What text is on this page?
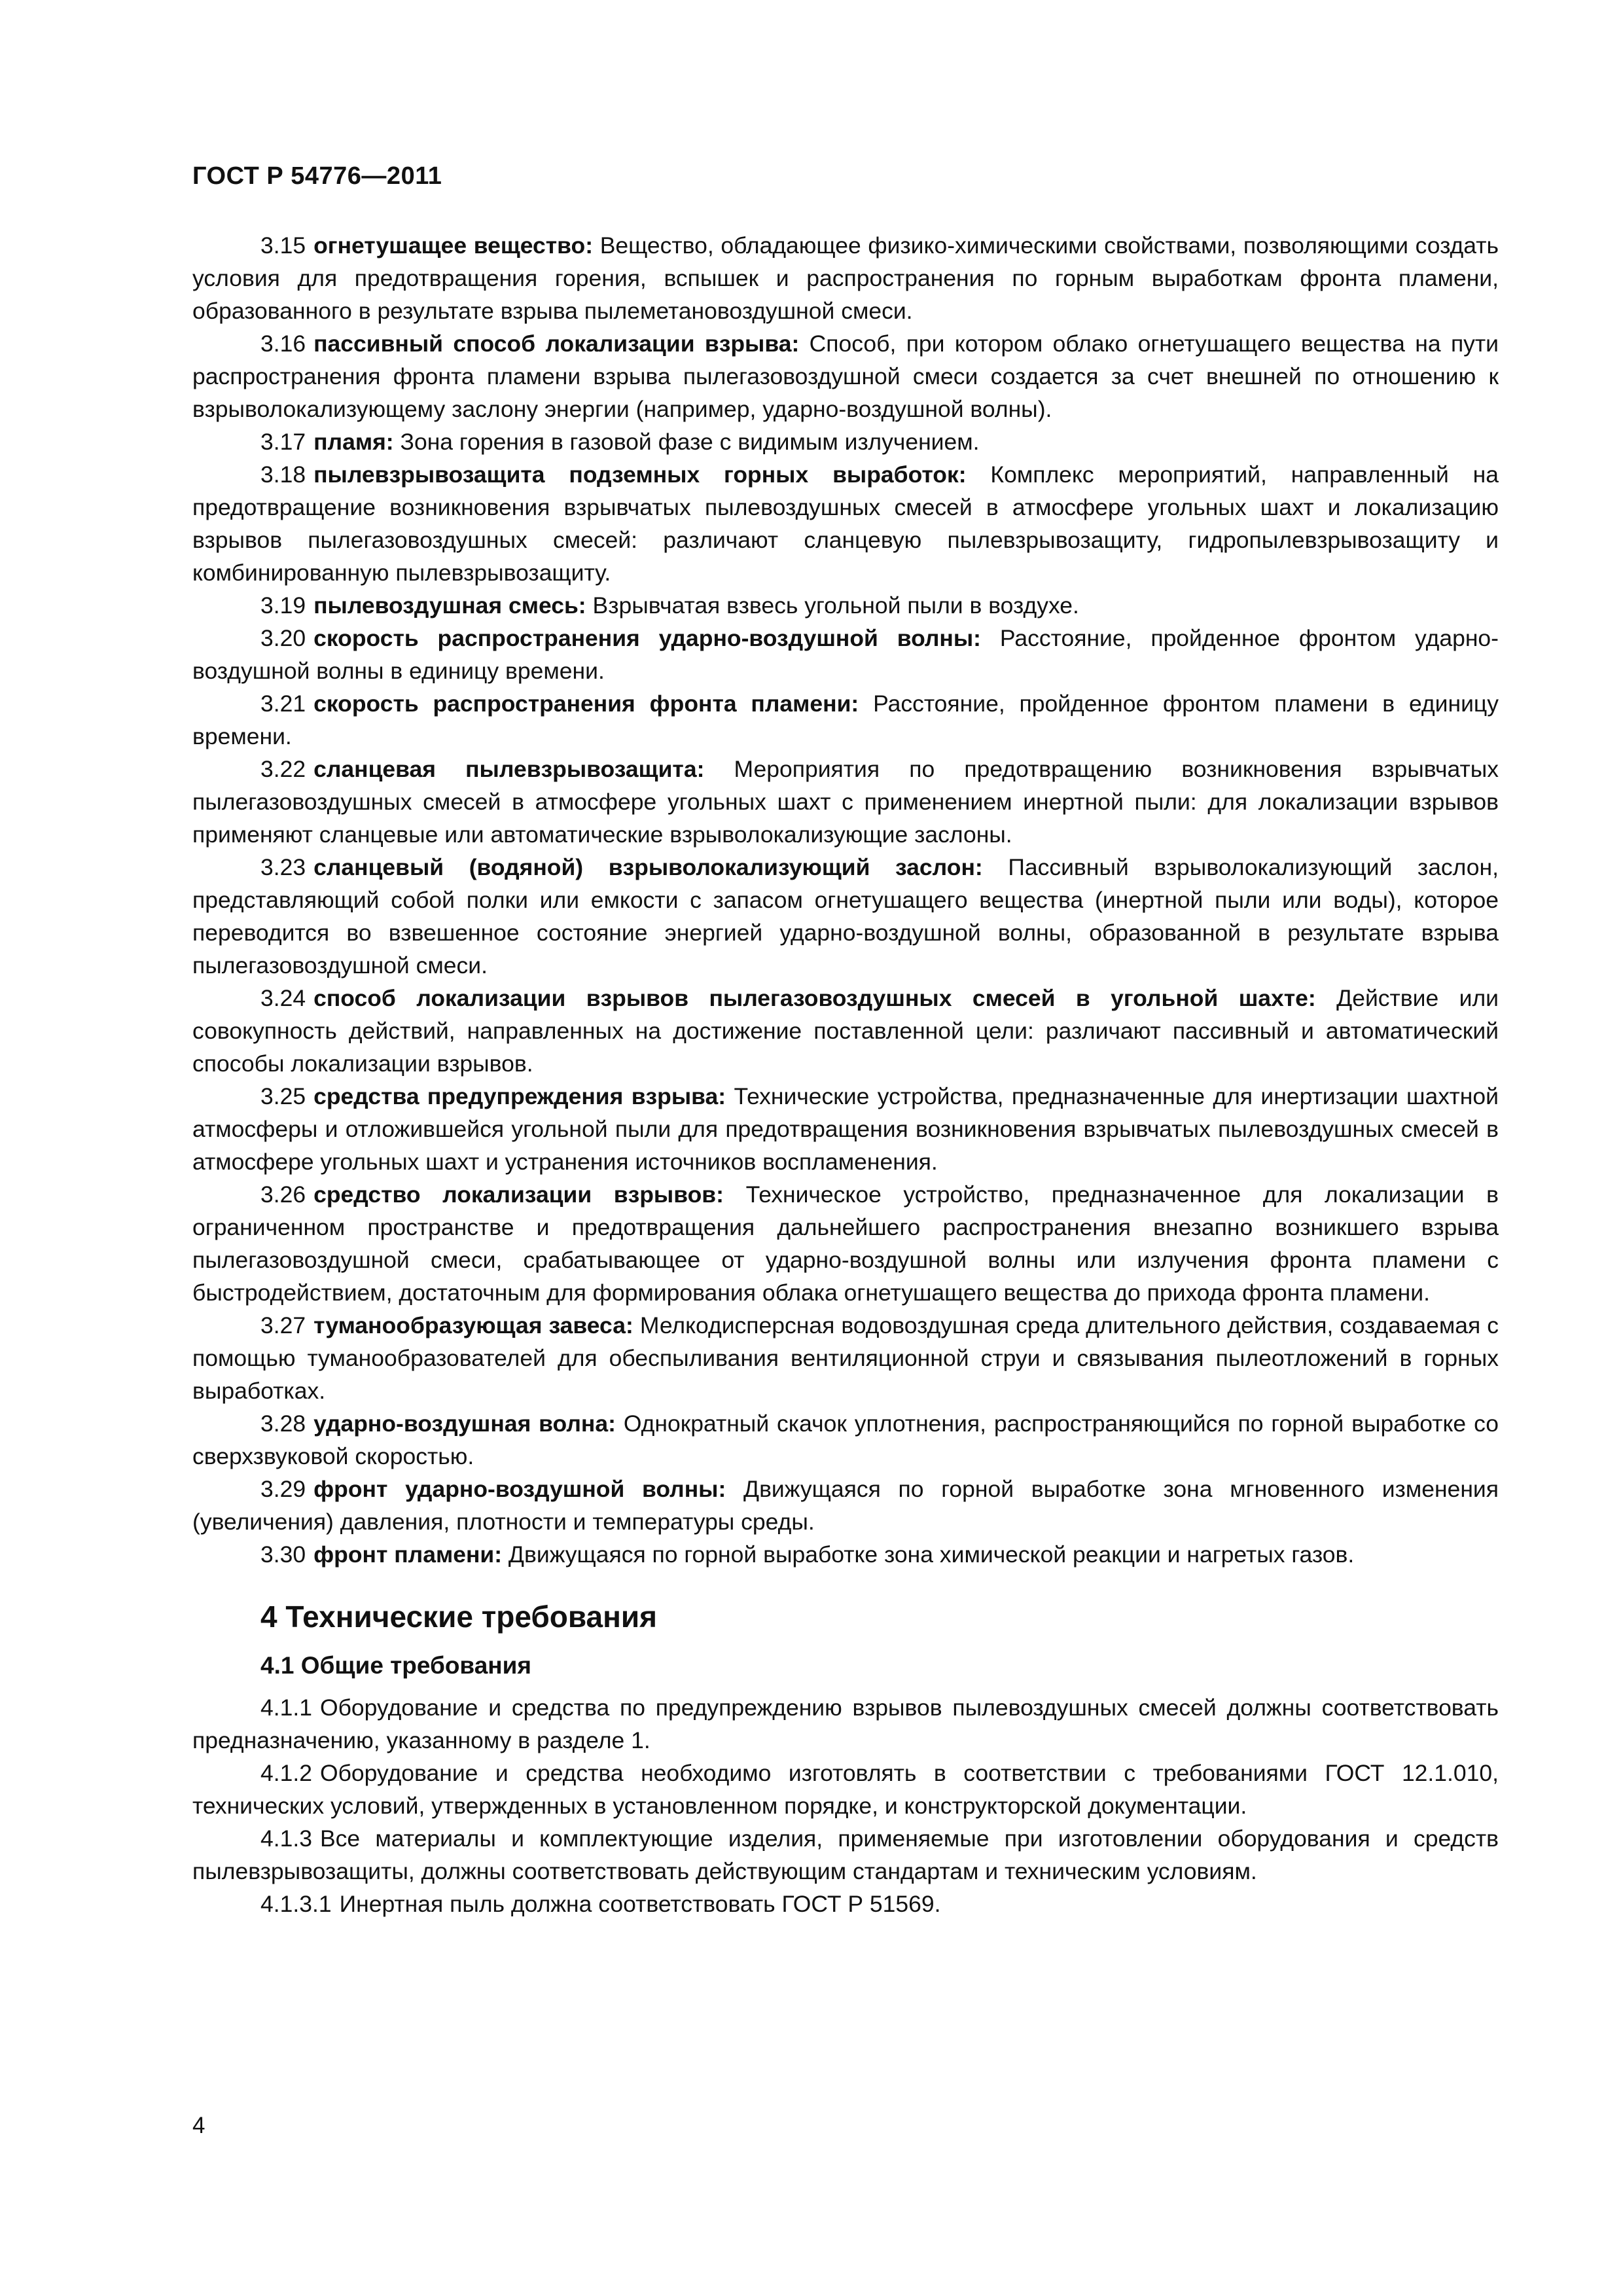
ГОСТ Р 54776—2011

3.15 огнетушащее вещество: Вещество, обладающее физико-химическими свойствами, позволяющими создать условия для предотвращения горения, вспышек и распространения по горным выработкам фронта пламени, образованного в результате взрыва пылеметановоздушной смеси.

3.16 пассивный способ локализации взрыва: Способ, при котором облако огнетушащего вещества на пути распространения фронта пламени взрыва пылегазовоздушной смеси создается за счет внешней по отношению к взрыволокализующему заслону энергии (например, ударно-воздушной волны).

3.17 пламя: Зона горения в газовой фазе с видимым излучением.

3.18 пылевзрывозащита подземных горных выработок: Комплекс мероприятий, направленный на предотвращение возникновения взрывчатых пылевоздушных смесей в атмосфере угольных шахт и локализацию взрывов пылегазовоздушных смесей: различают сланцевую пылевзрывозащиту, гидропылевзрывозащиту и комбинированную пылевзрывозащиту.

3.19 пылевоздушная смесь: Взрывчатая взвесь угольной пыли в воздухе.

3.20 скорость распространения ударно-воздушной волны: Расстояние, пройденное фронтом ударно-воздушной волны в единицу времени.

3.21 скорость распространения фронта пламени: Расстояние, пройденное фронтом пламени в единицу времени.

3.22 сланцевая пылевзрывозащита: Мероприятия по предотвращению возникновения взрывчатых пылегазовоздушных смесей в атмосфере угольных шахт с применением инертной пыли: для локализации взрывов применяют сланцевые или автоматические взрыволокализующие заслоны.

3.23 сланцевый (водяной) взрыволокализующий заслон: Пассивный взрыволокализующий заслон, представляющий собой полки или емкости с запасом огнетушащего вещества (инертной пыли или воды), которое переводится во взвешенное состояние энергией ударно-воздушной волны, образованной в результате взрыва пылегазовоздушной смеси.

3.24 способ локализации взрывов пылегазовоздушных смесей в угольной шахте: Действие или совокупность действий, направленных на достижение поставленной цели: различают пассивный и автоматический способы локализации взрывов.

3.25 средства предупреждения взрыва: Технические устройства, предназначенные для инертизации шахтной атмосферы и отложившейся угольной пыли для предотвращения возникновения взрывчатых пылевоздушных смесей в атмосфере угольных шахт и устранения источников воспламенения.

3.26 средство локализации взрывов: Техническое устройство, предназначенное для локализации в ограниченном пространстве и предотвращения дальнейшего распространения внезапно возникшего взрыва пылегазовоздушной смеси, срабатывающее от ударно-воздушной волны или излучения фронта пламени с быстродействием, достаточным для формирования облака огнетушащего вещества до прихода фронта пламени.

3.27 туманообразующая завеса: Мелкодисперсная водовоздушная среда длительного действия, создаваемая с помощью туманообразователей для обеспыливания вентиляционной струи и связывания пылеотложений в горных выработках.

3.28 ударно-воздушная волна: Однократный скачок уплотнения, распространяющийся по горной выработке со сверхзвуковой скоростью.

3.29 фронт ударно-воздушной волны: Движущаяся по горной выработке зона мгновенного изменения (увеличения) давления, плотности и температуры среды.

3.30 фронт пламени: Движущаяся по горной выработке зона химической реакции и нагретых газов.

4 Технические требования
4.1 Общие требования

4.1.1 Оборудование и средства по предупреждению взрывов пылевоздушных смесей должны соответствовать предназначению, указанному в разделе 1.

4.1.2 Оборудование и средства необходимо изготовлять в соответствии с требованиями ГОСТ 12.1.010, технических условий, утвержденных в установленном порядке, и конструкторской документации.

4.1.3 Все материалы и комплектующие изделия, применяемые при изготовлении оборудования и средств пылевзрывозащиты, должны соответствовать действующим стандартам и техническим условиям.

4.1.3.1 Инертная пыль должна соответствовать ГОСТ Р 51569.

4
